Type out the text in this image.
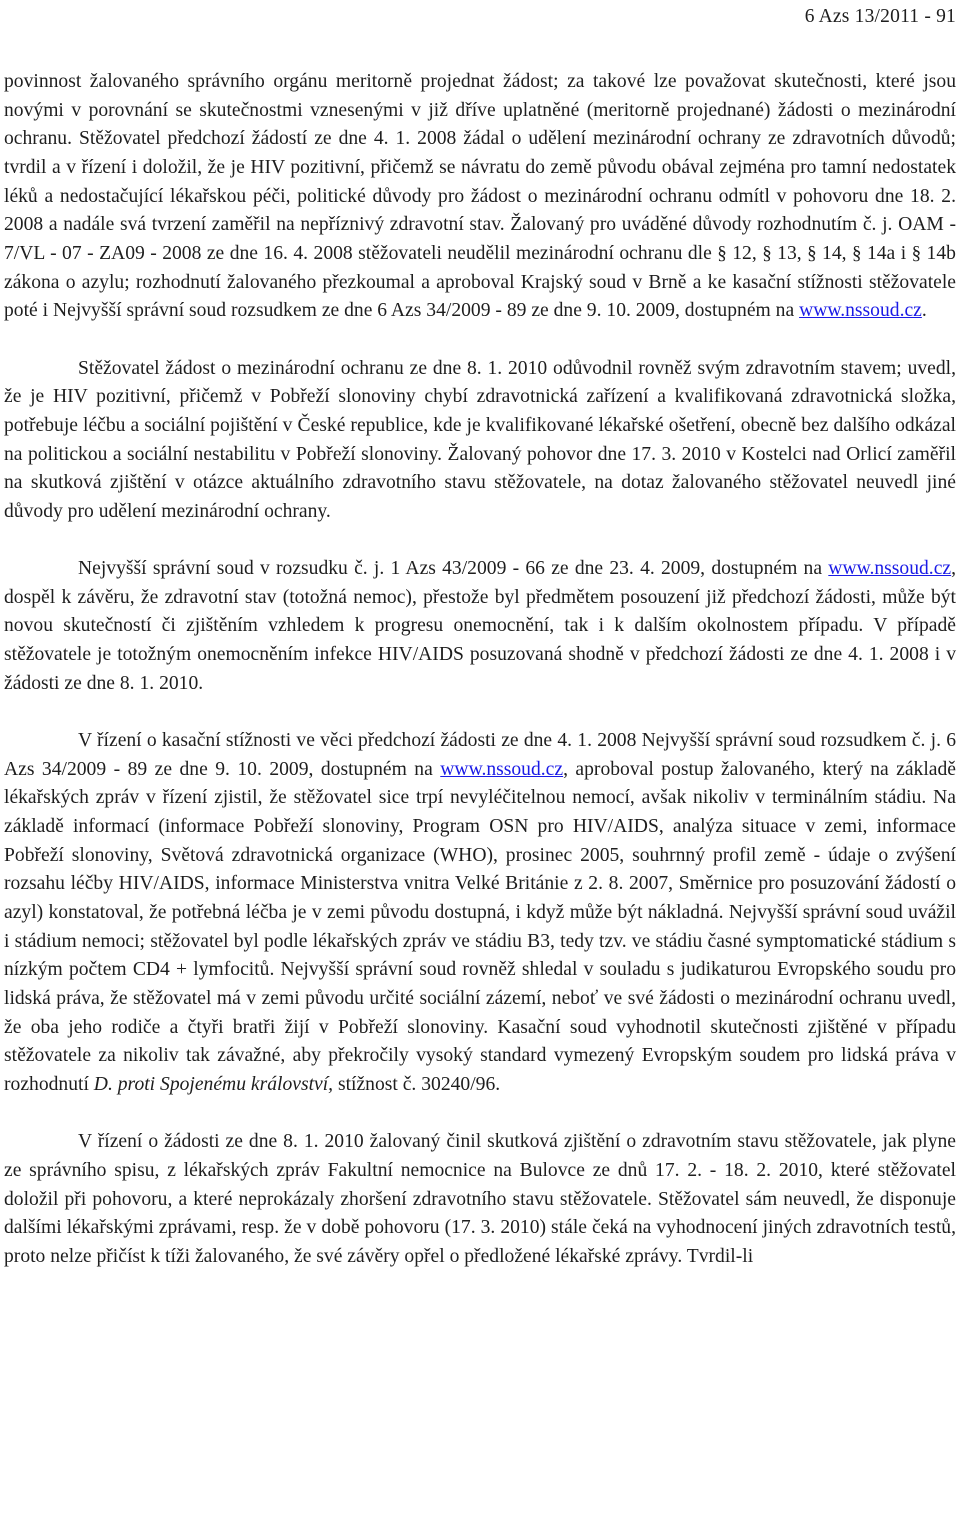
6 Azs 13/2011 - 91

povinnost žalovaného správního orgánu meritorně projednat žádost; za takové lze považovat skutečnosti, které jsou novými v porovnání se skutečnostmi vznesenými v již dříve uplatněné (meritorně projednané) žádosti o mezinárodní ochranu. Stěžovatel předchozí žádostí ze dne 4. 1. 2008 žádal o udělení mezinárodní ochrany ze zdravotních důvodů; tvrdil a v řízení i doložil, že je HIV pozitivní, přičemž se návratu do země původu obával zejména pro tamní nedostatek léků a nedostačující lékařskou péči, politické důvody pro žádost o mezinárodní ochranu odmítl v pohovoru dne 18. 2. 2008 a nadále svá tvrzení zaměřil na nepříznivý zdravotní stav. Žalovaný pro uváděné důvody rozhodnutím č. j. OAM - 7/VL - 07 - ZA09 - 2008 ze dne 16. 4. 2008 stěžovateli neudělil mezinárodní ochranu dle § 12, § 13, § 14, § 14a i § 14b zákona o azylu; rozhodnutí žalovaného přezkoumal a aproboval Krajský soud v Brně a ke kasační stížnosti stěžovatele poté i Nejvyšší správní soud rozsudkem ze dne 6 Azs 34/2009 - 89 ze dne 9. 10. 2009, dostupném na www.nssoud.cz.

Stěžovatel žádost o mezinárodní ochranu ze dne 8. 1. 2010 odůvodnil rovněž svým zdravotním stavem; uvedl, že je HIV pozitivní, přičemž v Pobřeží slonoviny chybí zdravotnická zařízení a kvalifikovaná zdravotnická složka, potřebuje léčbu a sociální pojištění v České republice, kde je kvalifikované lékařské ošetření, obecně bez dalšího odkázal na politickou a sociální nestabilitu v Pobřeží slonoviny. Žalovaný pohovor dne 17. 3. 2010 v Kostelci nad Orlicí zaměřil na skutková zjištění v otázce aktuálního zdravotního stavu stěžovatele, na dotaz žalovaného stěžovatel neuvedl jiné důvody pro udělení mezinárodní ochrany.

Nejvyšší správní soud v rozsudku č. j. 1 Azs 43/2009 - 66 ze dne 23. 4. 2009, dostupném na www.nssoud.cz, dospěl k závěru, že zdravotní stav (totožná nemoc), přestože byl předmětem posouzení již předchozí žádosti, může být novou skutečností či zjištěním vzhledem k progresu onemocnění, tak i k dalším okolnostem případu. V případě stěžovatele je totožným onemocněním infekce HIV/AIDS posuzovaná shodně v předchozí žádosti ze dne 4. 1. 2008 i v žádosti ze dne 8. 1. 2010.

V řízení o kasační stížnosti ve věci předchozí žádosti ze dne 4. 1. 2008 Nejvyšší správní soud rozsudkem č. j. 6 Azs 34/2009 - 89 ze dne 9. 10. 2009, dostupném na www.nssoud.cz, aproboval postup žalovaného, který na základě lékařských zpráv v řízení zjistil, že stěžovatel sice trpí nevyléčitelnou nemocí, avšak nikoliv v terminálním stádiu. Na základě informací (informace Pobřeží slonoviny, Program OSN pro HIV/AIDS, analýza situace v zemi, informace Pobřeží slonoviny, Světová zdravotnická organizace (WHO), prosinec 2005, souhrnný profil země - údaje o zvýšení rozsahu léčby HIV/AIDS, informace Ministerstva vnitra Velké Británie z 2. 8. 2007, Směrnice pro posuzování žádostí o azyl) konstatoval, že potřebná léčba je v zemi původu dostupná, i když může být nákladná. Nejvyšší správní soud uvážil i stádium nemoci; stěžovatel byl podle lékařských zpráv ve stádiu B3, tedy tzv. ve stádiu časné symptomatické stádium s nízkým počtem CD4 + lymfocitů. Nejvyšší správní soud rovněž shledal v souladu s judikaturou Evropského soudu pro lidská práva, že stěžovatel má v zemi původu určité sociální zázemí, neboť ve své žádosti o mezinárodní ochranu uvedl, že oba jeho rodiče a čtyři bratři žijí v Pobřeží slonoviny. Kasační soud vyhodnotil skutečnosti zjištěné v případu stěžovatele za nikoliv tak závažné, aby překročily vysoký standard vymezený Evropským soudem pro lidská práva v rozhodnutí D. proti Spojenému království, stížnost č. 30240/96.

V řízení o žádosti ze dne 8. 1. 2010 žalovaný činil skutková zjištění o zdravotním stavu stěžovatele, jak plyne ze správního spisu, z lékařských zpráv Fakultní nemocnice na Bulovce ze dnů 17. 2. - 18. 2. 2010, které stěžovatel doložil při pohovoru, a které neprokázaly zhoršení zdravotního stavu stěžovatele. Stěžovatel sám neuvedl, že disponuje dalšími lékařskými zprávami, resp. že v době pohovoru (17. 3. 2010) stále čeká na vyhodnocení jiných zdravotních testů, proto nelze přičíst k tíži žalovaného, že své závěry opřel o předložené lékařské zprávy. Tvrdil-li
